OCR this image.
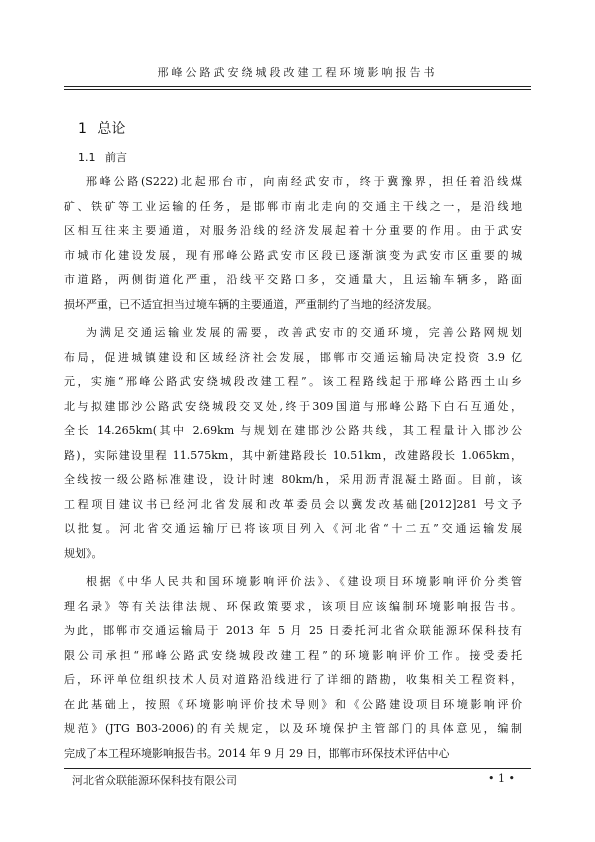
邢峰公路武安绕城段改建工程环境影响报告书
1 总论
1.1 前言

邢峰公路(S222)北起邢台市，向南经武安市，终于冀豫界，担任着沿线煤
矿、铁矿等工业运输的任务，是邯郸市南北走向的交通主干线之一，是沿线地
区相互往来主要通道，对服务沿线的经济发展起着十分重要的作用。由于武安
市城市化建设发展，现有邢峰公路武安市区段已逐渐演变为武安市区重要的城
市道路，两侧街道化严重，沿线平交路口多，交通量大，且运输车辆多，路面
损坏严重，已不适宜担当过境车辆的主要通道，严重制约了当地的经济发展。

为满足交通运输业发展的需要，改善武安市的交通环境，完善公路网规划
布局，促进城镇建设和区域经济社会发展，邯郸市交通运输局决定投资 3.9 亿
元，实施“邢峰公路武安绕城段改建工程”。该工程路线起于邢峰公路西土山乡
北与拟建邯沙公路武安绕城段交叉处,终于309国道与邢峰公路下白石互通处，
全长 14.265km(其中 2.69km 与规划在建邯沙公路共线，其工程量计入邯沙公
路)，实际建设里程 11.575km，其中新建路段长 10.51km，改建路段长 1.065km，
全线按一级公路标准建设，设计时速 80km/h，采用沥青混凝土路面。目前，该
工程项目建议书已经河北省发展和改革委员会以冀发改基础[2012]281 号文予
以批复。河北省交通运输厅已将该项目列入《河北省“十二五”交通运输发展
规划》。

根据《中华人民共和国环境影响评价法》、《建设项目环境影响评价分类管
理名录》等有关法律法规、环保政策要求，该项目应该编制环境影响报告书。
为此，邯郸市交通运输局于 2013 年 5 月 25 日委托河北省众联能源环保科技有
限公司承担“邢峰公路武安绕城段改建工程”的环境影响评价工作。接受委托
后，环评单位组织技术人员对道路沿线进行了详细的踏勘，收集相关工程资料，
在此基础上，按照《环境影响评价技术导则》和《公路建设项目环境影响评价
规范》(JTG B03-2006)的有关规定，以及环境保护主管部门的具体意见，编制
完成了本工程环境影响报告书。2014 年 9 月 29 日，邯郸市环保技术评估中心

河北省众联能源环保科技有限公司	• 1 •
